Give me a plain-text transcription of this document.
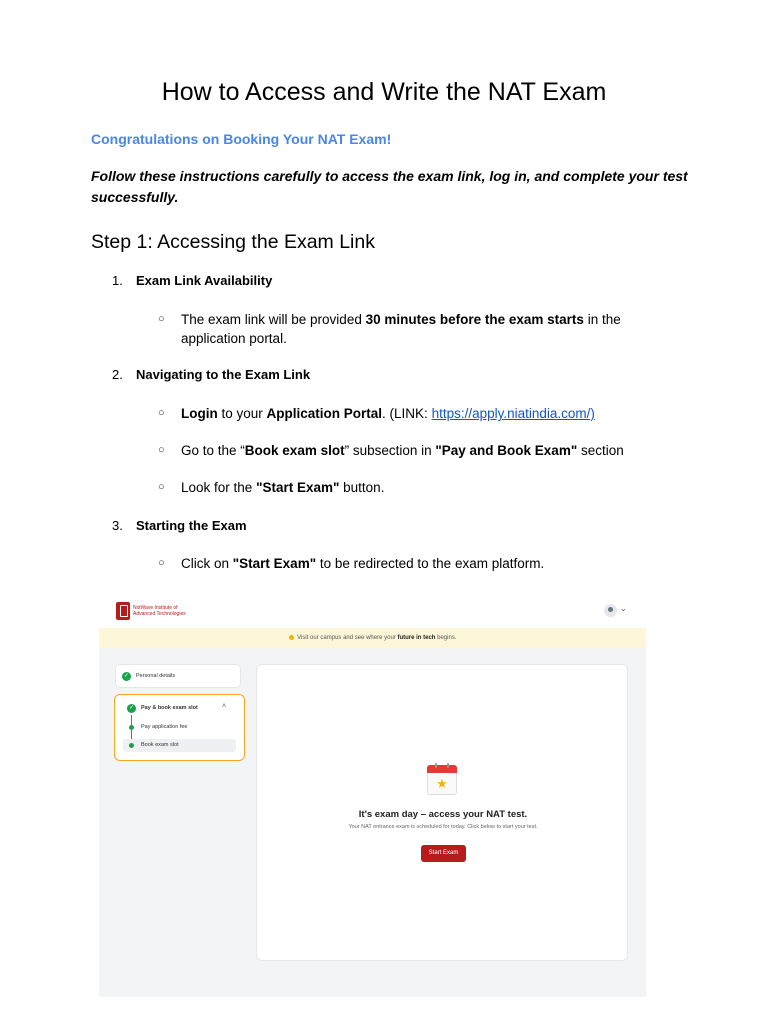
How to Access and Write the NAT Exam
Congratulations on Booking Your NAT Exam!
Follow these instructions carefully to access the exam link, log in, and complete your test successfully.
Step 1: Accessing the Exam Link
1. Exam Link Availability
○ The exam link will be provided 30 minutes before the exam starts in the application portal.
2. Navigating to the Exam Link
○ Login to your Application Portal. (LINK: https://apply.niatindia.com/)
○ Go to the “Book exam slot” subsection in "Pay and Book Exam" section
○ Look for the "Start Exam" button.
3. Starting the Exam
○ Click on "Start Exam" to be redirected to the exam platform.
NxtWave Institute of
Advanced Technologies
⌄
Visit our campus and see where your future in tech begins.
✓	Personal details
✓	Pay & book exam slot	˄
Pay application fee
Book exam slot
★
It's exam day – access your NAT test.
Your NAT entrance exam is scheduled for today. Click below to start your test.
Start Exam
